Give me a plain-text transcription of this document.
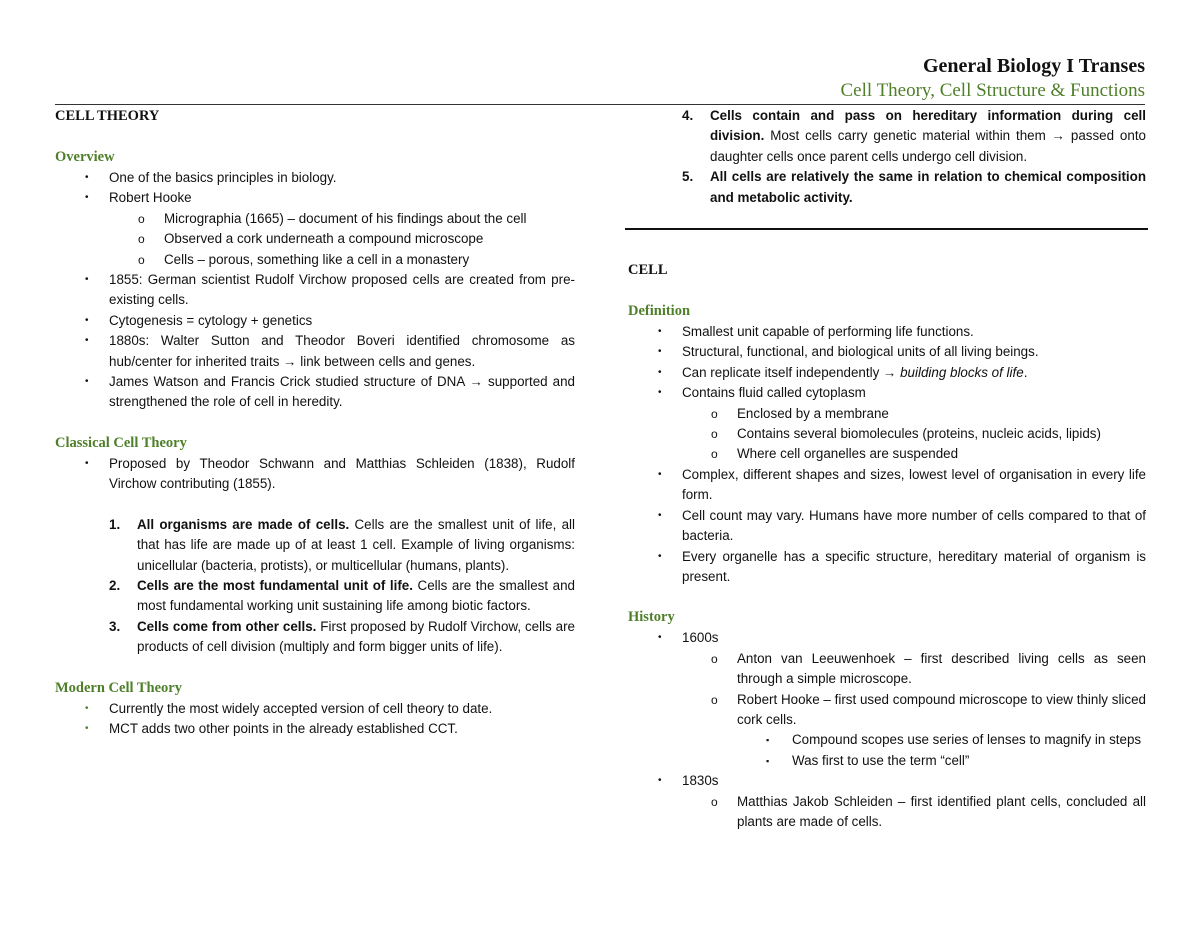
General Biology I Transes
Cell Theory, Cell Structure & Functions

CELL THEORY

Overview

• One of the basics principles in biology.
• Robert Hooke
o Micrographia (1665) – document of his findings about the cell
o Observed a cork underneath a compound microscope
o Cells – porous, something like a cell in a monastery
• 1855: German scientist Rudolf Virchow proposed cells are created from pre-existing cells.
• Cytogenesis = cytology + genetics
• 1880s: Walter Sutton and Theodor Boveri identified chromosome as hub/center for inherited traits → link between cells and genes.
• James Watson and Francis Crick studied structure of DNA → supported and strengthened the role of cell in heredity.

Classical Cell Theory

• Proposed by Theodor Schwann and Matthias Schleiden (1838), Rudolf Virchow contributing (1855).
1. All organisms are made of cells. Cells are the smallest unit of life, all that has life are made up of at least 1 cell. Example of living organisms: unicellular (bacteria, protists), or multicellular (humans, plants).
2. Cells are the most fundamental unit of life. Cells are the smallest and most fundamental working unit sustaining life among biotic factors.
3. Cells come from other cells. First proposed by Rudolf Virchow, cells are products of cell division (multiply and form bigger units of life).

Modern Cell Theory

• Currently the most widely accepted version of cell theory to date.
• MCT adds two other points in the already established CCT.
4. Cells contain and pass on hereditary information during cell division. Most cells carry genetic material within them → passed onto daughter cells once parent cells undergo cell division.
5. All cells are relatively the same in relation to chemical composition and metabolic activity.

CELL

Definition

• Smallest unit capable of performing life functions.
• Structural, functional, and biological units of all living beings.
• Can replicate itself independently → building blocks of life.
• Contains fluid called cytoplasm
o Enclosed by a membrane
o Contains several biomolecules (proteins, nucleic acids, lipids)
o Where cell organelles are suspended
• Complex, different shapes and sizes, lowest level of organisation in every life form.
• Cell count may vary. Humans have more number of cells compared to that of bacteria.
• Every organelle has a specific structure, hereditary material of organism is present.

History

• 1600s
o Anton van Leeuwenhoek – first described living cells as seen through a simple microscope.
o Robert Hooke – first used compound microscope to view thinly sliced cork cells.
▪ Compound scopes use series of lenses to magnify in steps
▪ Was first to use the term “cell”
• 1830s
o Matthias Jakob Schleiden – first identified plant cells, concluded all plants are made of cells.
